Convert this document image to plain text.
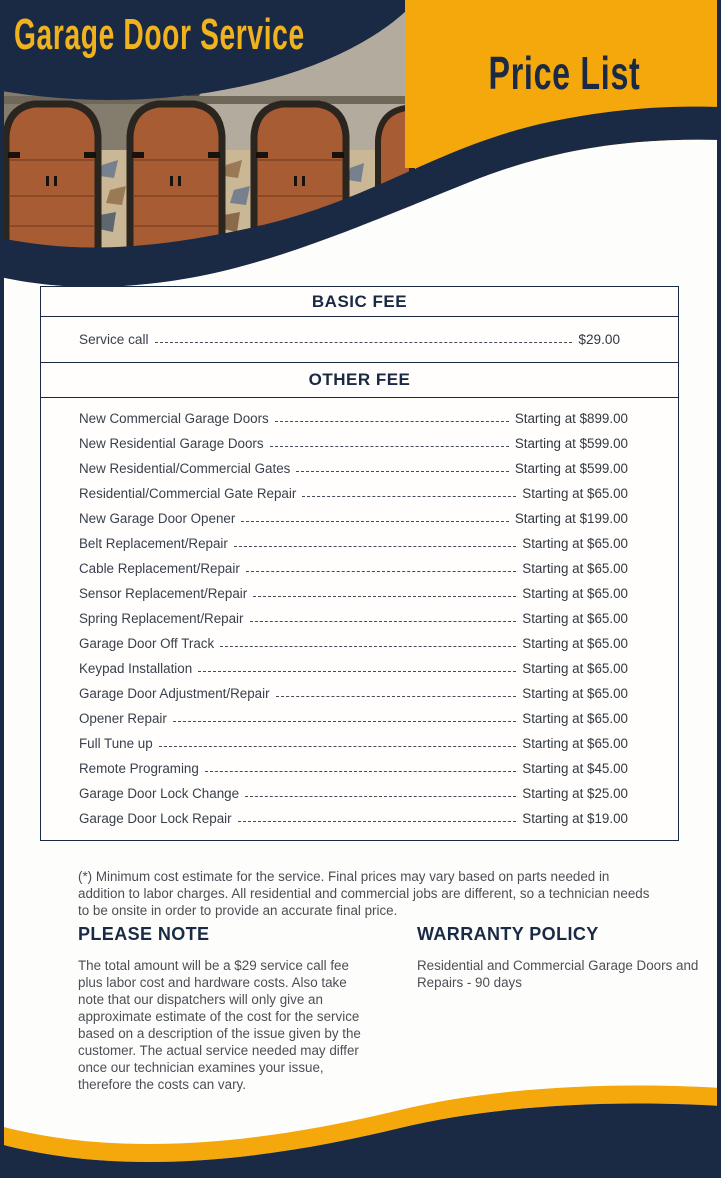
Garage Door Service
Price List
BASIC FEE
Service call	$29.00
OTHER FEE
New Commercial Garage Doors	Starting at $899.00
New Residential Garage Doors	Starting at $599.00
New Residential/Commercial Gates	Starting at $599.00
Residential/Commercial Gate Repair	Starting at $65.00
New Garage Door Opener	Starting at $199.00
Belt Replacement/Repair	Starting at $65.00
Cable Replacement/Repair	Starting at $65.00
Sensor Replacement/Repair	Starting at $65.00
Spring Replacement/Repair	Starting at $65.00
Garage Door Off Track	Starting at $65.00
Keypad Installation	Starting at $65.00
Garage Door Adjustment/Repair	Starting at $65.00
Opener Repair	Starting at $65.00
Full Tune up	Starting at $65.00
Remote Programing	Starting at $45.00
Garage Door Lock Change	Starting at $25.00
Garage Door Lock Repair	Starting at $19.00

(*) Minimum cost estimate for the service. Final prices may vary based on parts needed in addition to labor charges. All residential and commercial jobs are different, so a technician needs to be onsite in order to provide an accurate final price.

PLEASE NOTE
The total amount will be a $29 service call fee plus labor cost and hardware costs. Also take note that our dispatchers will only give an approximate estimate of the cost for the service based on a description of the issue given by the customer. The actual service needed may differ once our technician examines your issue, therefore the costs can vary.
WARRANTY POLICY
Residential and Commercial Garage Doors and Repairs - 90 days
